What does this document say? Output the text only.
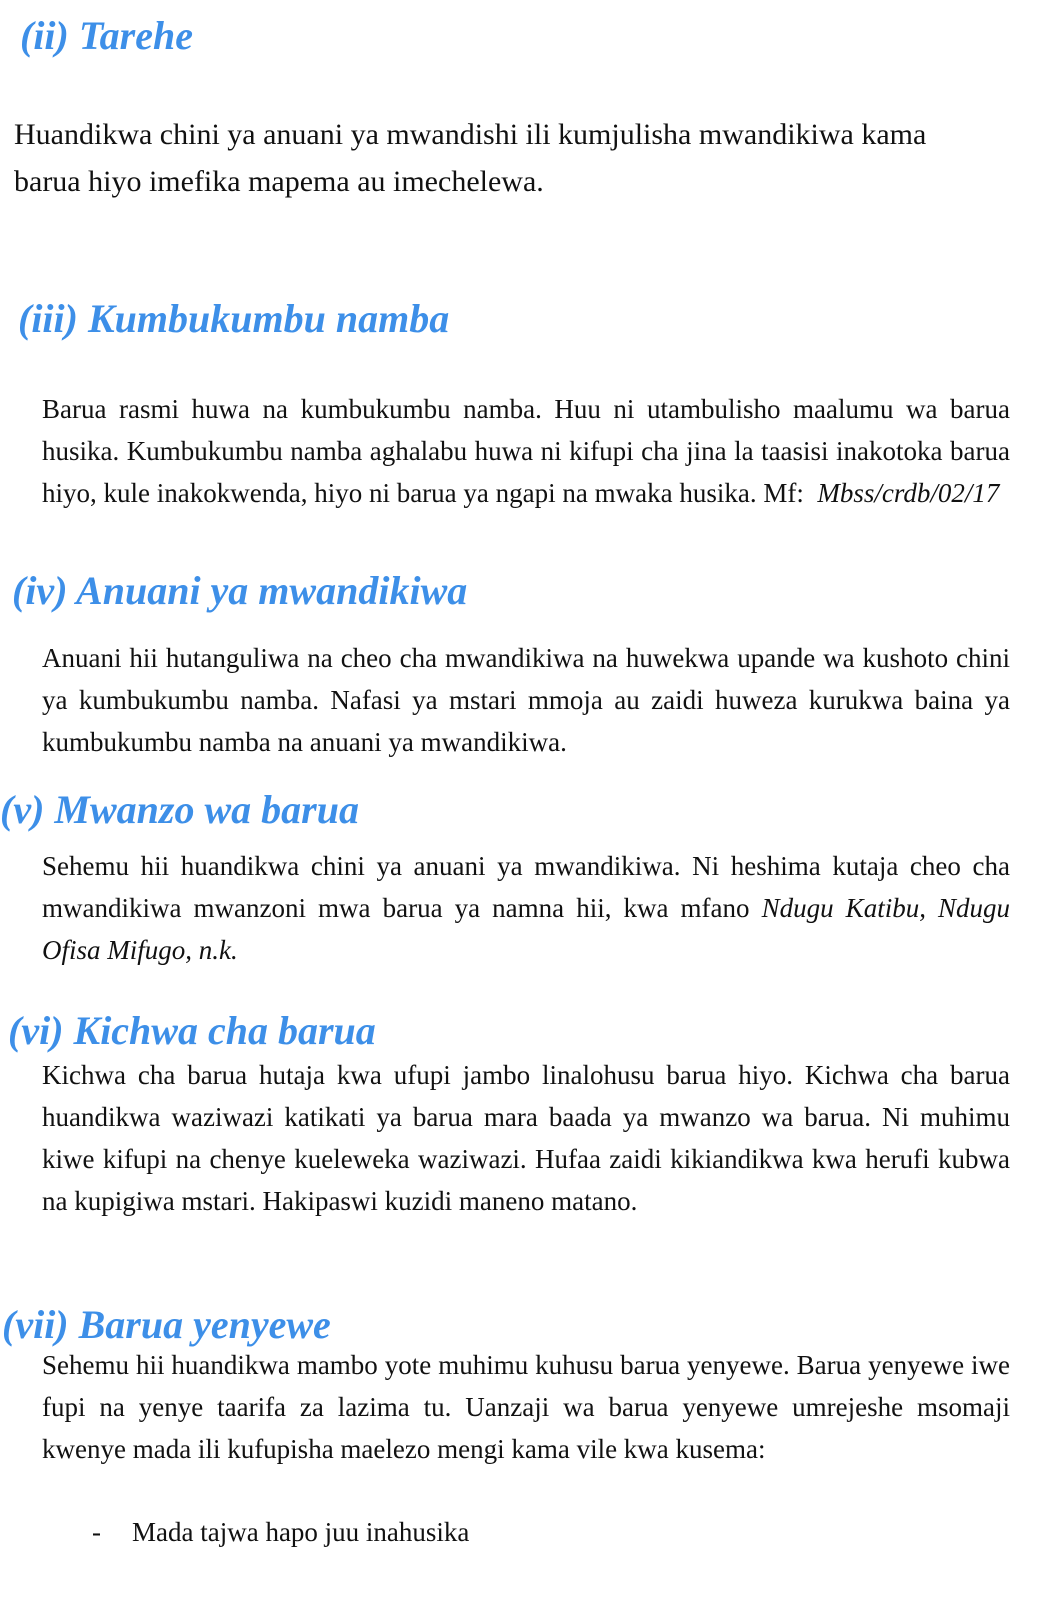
(ii) Tarehe

Huandikwa chini ya anuani ya mwandishi ili kumjulisha mwandikiwa kama barua hiyo imefika mapema au imechelewa.

(iii) Kumbukumbu namba

Barua rasmi huwa na kumbukumbu namba. Huu ni utambulisho maalumu wa barua husika. Kumbukumbu namba aghalabu huwa ni kifupi cha jina la taasisi inakotoka barua hiyo, kule inakokwenda, hiyo ni barua ya ngapi na mwaka husika. Mf: Mbss/crdb/02/17

(iv) Anuani ya mwandikiwa

Anuani hii hutanguliwa na cheo cha mwandikiwa na huwekwa upande wa kushoto chini ya kumbukumbu namba. Nafasi ya mstari mmoja au zaidi huweza kurukwa baina ya kumbukumbu namba na anuani ya mwandikiwa.

(v) Mwanzo wa barua

Sehemu hii huandikwa chini ya anuani ya mwandikiwa. Ni heshima kutaja cheo cha mwandikiwa mwanzoni mwa barua ya namna hii, kwa mfano Ndugu Katibu, Ndugu Ofisa Mifugo, n.k.

(vi) Kichwa cha barua

Kichwa cha barua hutaja kwa ufupi jambo linalohusu barua hiyo. Kichwa cha barua huandikwa waziwazi katikati ya barua mara baada ya mwanzo wa barua. Ni muhimu kiwe kifupi na chenye kueleweka waziwazi. Hufaa zaidi kikiandikwa kwa herufi kubwa na kupigiwa mstari. Hakipaswi kuzidi maneno matano.

(vii) Barua yenyewe

Sehemu hii huandikwa mambo yote muhimu kuhusu barua yenyewe. Barua yenyewe iwe fupi na yenye taarifa za lazima tu. Uanzaji wa barua yenyewe umrejeshe msomaji kwenye mada ili kufupisha maelezo mengi kama vile kwa kusema:

- Mada tajwa hapo juu inahusika
